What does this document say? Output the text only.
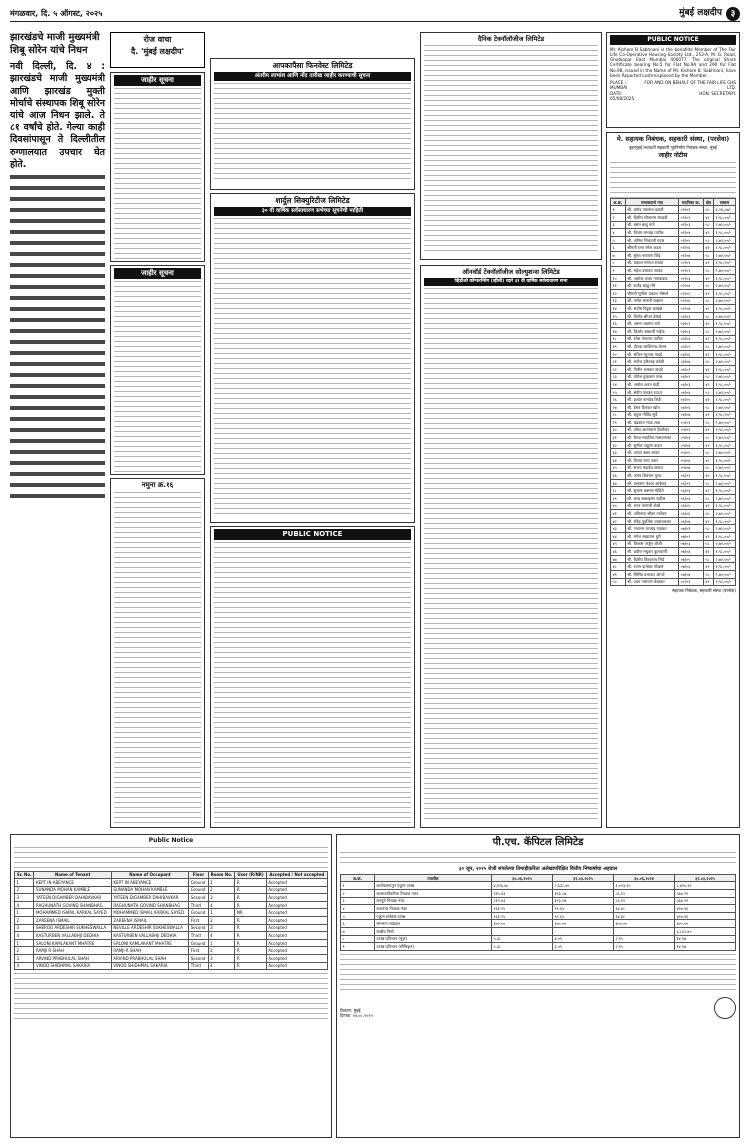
मंगळवार, दि. ५ ऑगस्ट, २०२५	मुंबई लक्षदीप ३
झारखंडचे माजी मुख्यमंत्री शिबू सोरेन यांचे निधन
नवी दिल्ली, दि. ४ : झारखंडचे माजी मुख्यमंत्री आणि झारखंड मुक्ती मोर्चाचे संस्थापक शिबू सोरेन यांचे आज निधन झाले. ते ८१ वर्षांचे होते. गेल्या काही दिवसांपासून ते दिल्लीतील रुग्णालयात उपचार घेत होते.
रोज वाचा
दै. 'मुंबई लक्षदीप'
जाहीर सूचना
जाहीर सूचना
नमुना क्र.१६
आपकापैसा फिनवेस्ट लिमिटेड
अंतरीम लाभांश आणि नोंद तारीख जाहीर करण्याची सूचना
शार्दुल सिक्युरिटीज लिमिटेड
३० वी वार्षिक सर्वसाधारण सभेच्या सूचनेची माहिती
PUBLIC NOTICE
दैनिक टेक्नॉलॉजीज लिमिटेड
ऑनवॉर्ड टेक्नॉलॉजीज सोल्युशन्स लिमिटेड
व्हिडीओ कॉन्फरन्सिंग (व्हीसी) व्दारे ३१ वी वार्षिक सर्वसाधारण सभा
PUBLIC NOTICE
Mr. Kishore B Sabhnani is the bonafide Member of The Fair Life Co-Operative Housing Society Ltd., 253-A, M. G. Road, Ghatkopar East Mumbai 400077. The original Share Certificate bearing No.5 for Flat No.9A and 290 for Flat No.9B, issued in the Name of Mr. Kishore B. Sabhnani, have been Reported Lost/misplaced by the Member.
PLACE : MUMBAI
DATE: 05/08/2025
FOR AND ON BEHALF OF THE FAIR LIFE CHS LTD.
HON. SECRETARY.
मे. सहायक निबंधक, सहकारी संस्था, (परसेवा)
बृहन्मुंबई मध्यवर्ती सहकारी गृहनिर्माण नियंत्रक संस्था, मुंबई
जाहीर नोटीस
अ.क्र.	सभासदाचे नाव	सदनिका क्र.	क्षेत्र	रक्कम
१	श्री. प्रमोद एकनाथ दळवी	०१/०१	५८	३,२६,८७/-
२	श्री. दिलीप सीताराम साळवी	०१/०२	४२	१,९८,००/-
३	श्री. वसंत बाबू माने	०१/०३	५८	२,७२,००/-
४	श्री. विजय रामचंद्र पाटील	०१/०४	४२	१,९८,००/-
५	श्री. अनिल भिकाजी पवार	०१/०५	५८	२,७२,००/-
६	श्रीमती रत्ना रमेश कदम	०१/०६	४२	१,९८,००/-
७	श्री. सुरेश नारायण शिंदे	०१/०७	५८	२,७२,००/-
८	श्री. प्रकाश गणपत सावंत	०२/०१	४२	१,९८,००/-
९	श्री. महेश दत्तात्रय जाधव	०२/०२	५८	२,७२,००/-
१०	श्री. अशोक शंकर गायकवाड	०२/०३	४२	१,९८,००/-
११	श्री. राजेंद्र बाळू मोरे	०२/०४	५८	२,७२,००/-
१२	श्रीमती सुनीता प्रकाश भोसले	०२/०५	४२	१,९८,००/-
१३	श्री. गणेश मारुती चव्हाण	०२/०६	५८	२,७२,००/-
१४	श्री. संतोष विठ्ठल कांबळे	०२/०७	४२	१,९८,००/-
१५	श्री. विनोद श्रीपत देसाई	०३/०१	५८	२,७२,००/-
१६	श्री. अरुण लक्ष्मण राणे	०३/०२	४२	१,९८,००/-
१७	श्री. किशोर बाबाजी नाईक	०३/०३	५८	२,७२,००/-
१८	श्री. रमेश गंगाराम पाटील	०३/०४	४२	१,९८,००/-
१९	श्री. दीपक काशिनाथ शेलार	०३/०५	५८	२,७२,००/-
२०	श्री. सचिन रघुनाथ गावडे	०३/०६	४२	१,९८,००/-
२१	श्री. मनोज हरिश्चंद्र कोळी	०३/०७	५८	२,७२,००/-
२२	श्री. नितीन भास्कर तावडे	०४/०१	४२	१,९८,००/-
२३	श्री. योगेश तुकाराम परब	०४/०२	५८	२,७२,००/-
२४	श्री. अमोल अनंत घाडी	०४/०३	४२	१,९८,००/-
२५	श्री. संदीप यशवंत राऊत	०४/०४	५८	२,७२,००/-
२६	श्री. प्रशांत नामदेव शिर्के	०४/०५	४२	१,९८,००/-
२७	श्री. हेमंत दिनकर खोत	०४/०६	५८	२,७२,००/-
२८	श्री. राहुल गोविंद सुर्वे	०४/०७	४२	१,९८,००/-
२९	श्री. चंद्रकांत भाऊ लाड	०५/०१	५८	२,७२,००/-
३०	श्री. उमेश आत्माराम पेडणेकर	०५/०२	४२	१,९८,००/-
३१	श्री. वैभव सदाशिव मालवणकर	०५/०३	५८	२,७२,००/-
३२	श्री. सुनील पांडुरंग कदम	०५/०४	४२	१,९८,००/-
३३	श्री. अजय बबन सावंत	०५/०५	५८	२,७२,००/-
३४	श्री. विजय रामा पवार	०५/०६	४२	१,९८,००/-
३५	श्री. संजय महादेव जाधव	०५/०७	५८	२,७२,००/-
३६	श्री. अनंत शिवराम गुरव	०६/०१	४२	१,९८,००/-
३७	श्री. दत्ताराम केशव आंबेकर	०६/०२	५८	२,७२,००/-
३८	श्री. सुभाष लक्ष्मण मोहिते	०६/०३	४२	१,९८,००/-
३९	श्री. शरद बाळकृष्ण पाटील	०६/०४	५८	२,७२,००/-
४०	श्री. भरत तानाजी शेट्ये	०६/०५	४२	१,९८,००/-
४१	श्री. अविनाश श्रीधर नार्वेकर	०६/०६	५८	२,७२,००/-
४२	श्री. रविंद्र पुंडलिक वालावलकर	०६/०७	४२	१,९८,००/-
४३	श्री. गजानन रामचंद्र गावकर	०७/०१	५८	२,७२,००/-
४४	श्री. मंगेश सखाराम धुरी	०७/०२	४२	१,९८,००/-
४५	श्री. विलास अर्जुन जोशी	०७/०३	५८	२,७२,००/-
४६	श्री. प्रवीण मधुकर कुलकर्णी	०७/०४	४२	१,९८,००/-
४७	श्री. दिलीप विश्वनाथ भिडे	०७/०५	५८	२,७२,००/-
४८	श्री. श्याम दामोदर गोखले	०७/०६	४२	१,९८,००/-
४९	श्री. मिलिंद प्रभाकर आपटे	०७/०७	५८	२,७२,००/-
५०	श्री. उदय नारायण केळकर	०८/०१	४२	१,९८,००/-
सहायक निबंधक, सहकारी संस्था (परसेवा)
Public Notice
Sr. No.	Name of Tenant	Name of Occupant	Floor	Room No.	User (R/NR)	Accepted / Not accepted
1	KEPT IN ABEYANCE	KEPT IN ABEYANCE	Ground	1	R	Accepted
2	SUNANDA MOHAN KAMBLE	SUNANDA MOHAN KAMBLE	Ground	2	R	Accepted
3	YATEEN DIGAMBER DAHIBAVKAR	YATEEN DIGAMBER DAHIBAVKAR	Second	3	R	Accepted
4	RAGHUNATH GOVIND SHANBHAG	RAGHUNATH GOVIND SHANBHAG	Third	4	R	Accepted
1	MOHAMMED ISMAIL KARKAL SAYED	MOHAMMED ISMAIL KARKAL SAYED	Ground	1	NR	Accepted
2	ZAREENA ISMAIL	ZAREENA ISMAIL	First	2	R	Accepted
3	SHEROO ARDESHIR SUKHESWALLA	NEVILLE ARDESHIR SUKHESWALLA	Second	3	R	Accepted
4	KASTURBEN VALLABHJI DEDHIA	KASTURBEN VALLABHJI DEDHIA	Third	4	R	Accepted
1	SALONI KAMLAKANT MHATRE	SALONI KAMLAKANT MHATRE	Ground	1	R	Accepted
2	RAMJI R SHAH	RAMJI R SHAH	First	2	R	Accepted
3	ARVIND PRABHULAL SHAH	ARVIND PRABHULAL SHAH	Second	3	R	Accepted
4	VINOD SHIDHMAL SAKARIA	VINOD SHIDHMAL SAKARIA	Third	4	R	Accepted
पी.एच. कॅपिटल लिमिटेड
३० जून, २०२५ रोजी संपलेल्या तिमाहीकरिता अलेखापरिक्षित वित्तीय निष्कर्षाचा अहवाल
अ.क्र.	तपशील	३०.०६.२०२५	३१.०३.२०२५	३०.०६.२०२४	३१.०३.२०२५
१	कार्यचलनातून एकूण उत्पन्न	४,१२६.७८	२,६३८.४०	१,०२३.६५	८,४२६.९२
२	कालावधीकरिता निव्वळ नफा	२१५.४३	१२३.८७	८६.१२	५६७.२१
३	करपूर्व निव्वळ नफा	२१५.४३	१२३.८७	८६.१२	५६७.२१
४	करानंतर निव्वळ नफा	१६१.२५	९२.६५	६४.४८	४२४.९६
५	एकूण सर्वंकष उत्पन्न	१६१.२५	९२.६५	६४.४८	४२४.९६
६	समभाग भांडवल	३००.००	३००.००	३००.००	३००.००
७	राखीव निधी				३,८६२.४५
८	उत्पन्न प्रतिभाग (मूळ)	५.३८	३.०९	२.१५	१४.१७
९	उत्पन्न प्रतिभाग (सौमिकृत)	५.३८	३.०९	२.१५	१४.१७
ठिकाण: मुंबई
दिनांक: ०४.०८.२०२५
